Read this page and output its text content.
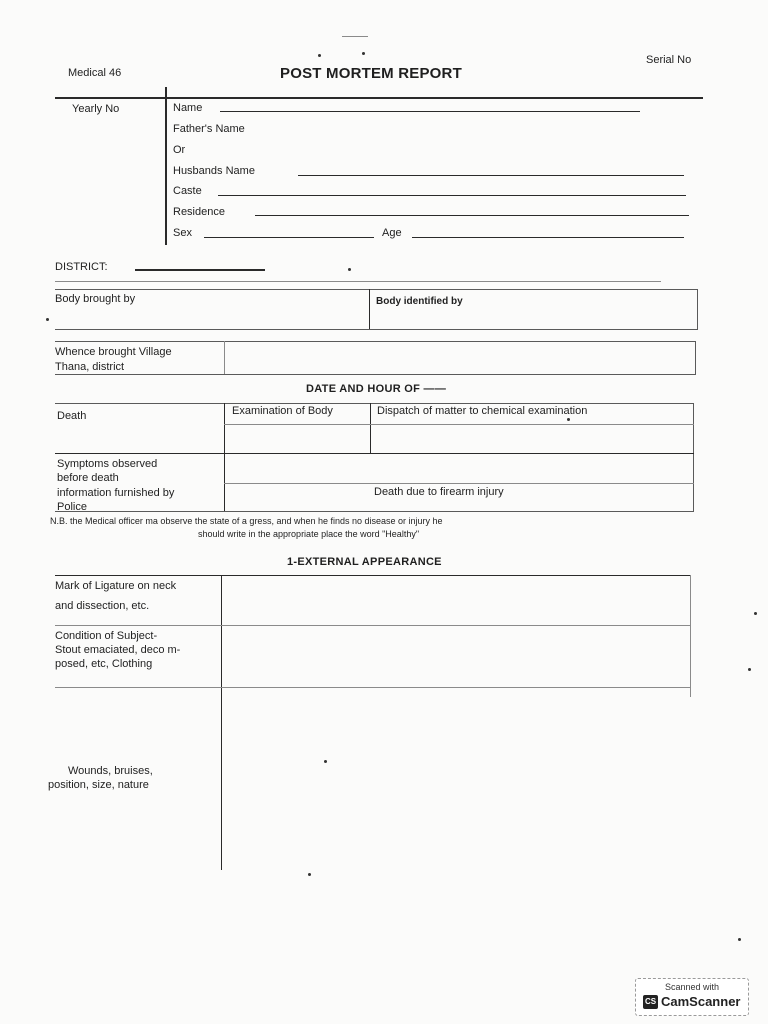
Medical 46	POST MORTEM REPORT
Serial No
Yearly No	Name
Father's Name
Or
Husbands Name
Caste
Residence
Sex	Age
DISTRICT:
Body brought by	Body identified by
Whence brought Village
Thana, district
DATE AND HOUR OF ——
Death	Examination of Body	Dispatch of matter to chemical examination
Symptoms observed
before death
information furnished by
Police
Death due to firearm injury
N.B. the Medical officer ma observe the state of a gress, and when he finds no disease or injury he
should write in the appropriate place the word "Healthy"
1-EXTERNAL APPEARANCE
Mark of Ligature on neck
and dissection, etc.
Condition of Subject-
Stout emaciated, deco m-
posed, etc, Clothing
Wounds, bruises,
position, size, nature
Scanned with
CS CamScanner
